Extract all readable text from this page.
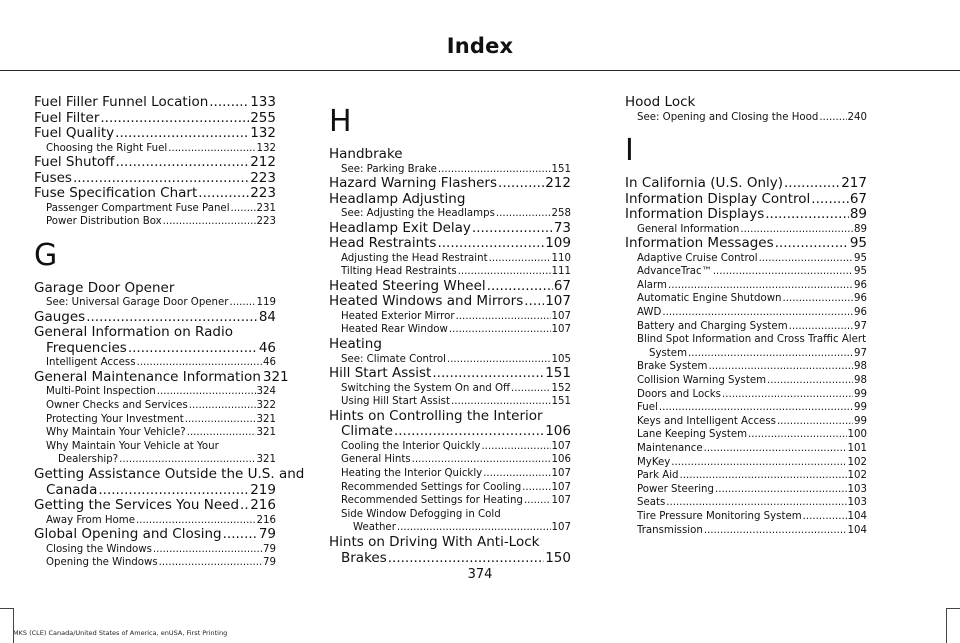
Index
Fuel Filler Funnel Location .....	133
Fuel Filter .....	255
Fuel Quality .....	132
Choosing the Right Fuel .....	132
Fuel Shutoff .....	212
Fuses .....	223
Fuse Specification Chart .....	223
Passenger Compartment Fuse Panel .....	231
Power Distribution Box .....	223
G
Garage Door Opener
See: Universal Garage Door Opener .....	119
Gauges .....	84
General Information on Radio
Frequencies .....	46
Intelligent Access .....	46
General Maintenance Information 321
Multi-Point Inspection .....	324
Owner Checks and Services .....	322
Protecting Your Investment .....	321
Why Maintain Your Vehicle? .....	321
Why Maintain Your Vehicle at Your
Dealership? .....	321
Getting Assistance Outside the U.S. and
Canada .....	219
Getting the Services You Need ..... 216
Away From Home .....	216
Global Opening and Closing .....	79
Closing the Windows .....	79
Opening the Windows .....	79
H
Handbrake
See: Parking Brake .....	151
Hazard Warning Flashers .....	212
Headlamp Adjusting
See: Adjusting the Headlamps .....	258
Headlamp Exit Delay .....	73
Head Restraints .....	109
Adjusting the Head Restraint .....	110
Tilting Head Restraints .....	111
Heated Steering Wheel .....	67
Heated Windows and Mirrors ..... 107
Heated Exterior Mirror .....	107
Heated Rear Window .....	107
Heating
See: Climate Control .....	105
Hill Start Assist .....	151
Switching the System On and Off .....	152
Using Hill Start Assist .....	151
Hints on Controlling the Interior
Climate .....	106
Cooling the Interior Quickly .....	107
General Hints .....	106
Heating the Interior Quickly .....	107
Recommended Settings for Cooling .....	107
Recommended Settings for Heating .....	107
Side Window Defogging in Cold
Weather .....	107
Hints on Driving With Anti-Lock
Brakes .....	150
Hood Lock
See: Opening and Closing the Hood .....	240
I
In California (U.S. Only) .....	217
Information Display Control .....	67
Information Displays .....	89
General Information .....	89
Information Messages .....	95
Adaptive Cruise Control .....	95
AdvanceTrac™ .....	95
Alarm .....	96
Automatic Engine Shutdown .....	96
AWD .....	96
Battery and Charging System .....	97
Blind Spot Information and Cross Traffic Alert
System .....	97
Brake System .....	98
Collision Warning System .....	98
Doors and Locks .....	99
Fuel .....	99
Keys and Intelligent Access .....	99
Lane Keeping System .....	100
Maintenance .....	101
MyKey .....	102
Park Aid .....	102
Power Steering .....	103
Seats .....	103
Tire Pressure Monitoring System .....	104
Transmission .....	104
374
MKS (CLE) Canada/United States of America, enUSA, First Printing
